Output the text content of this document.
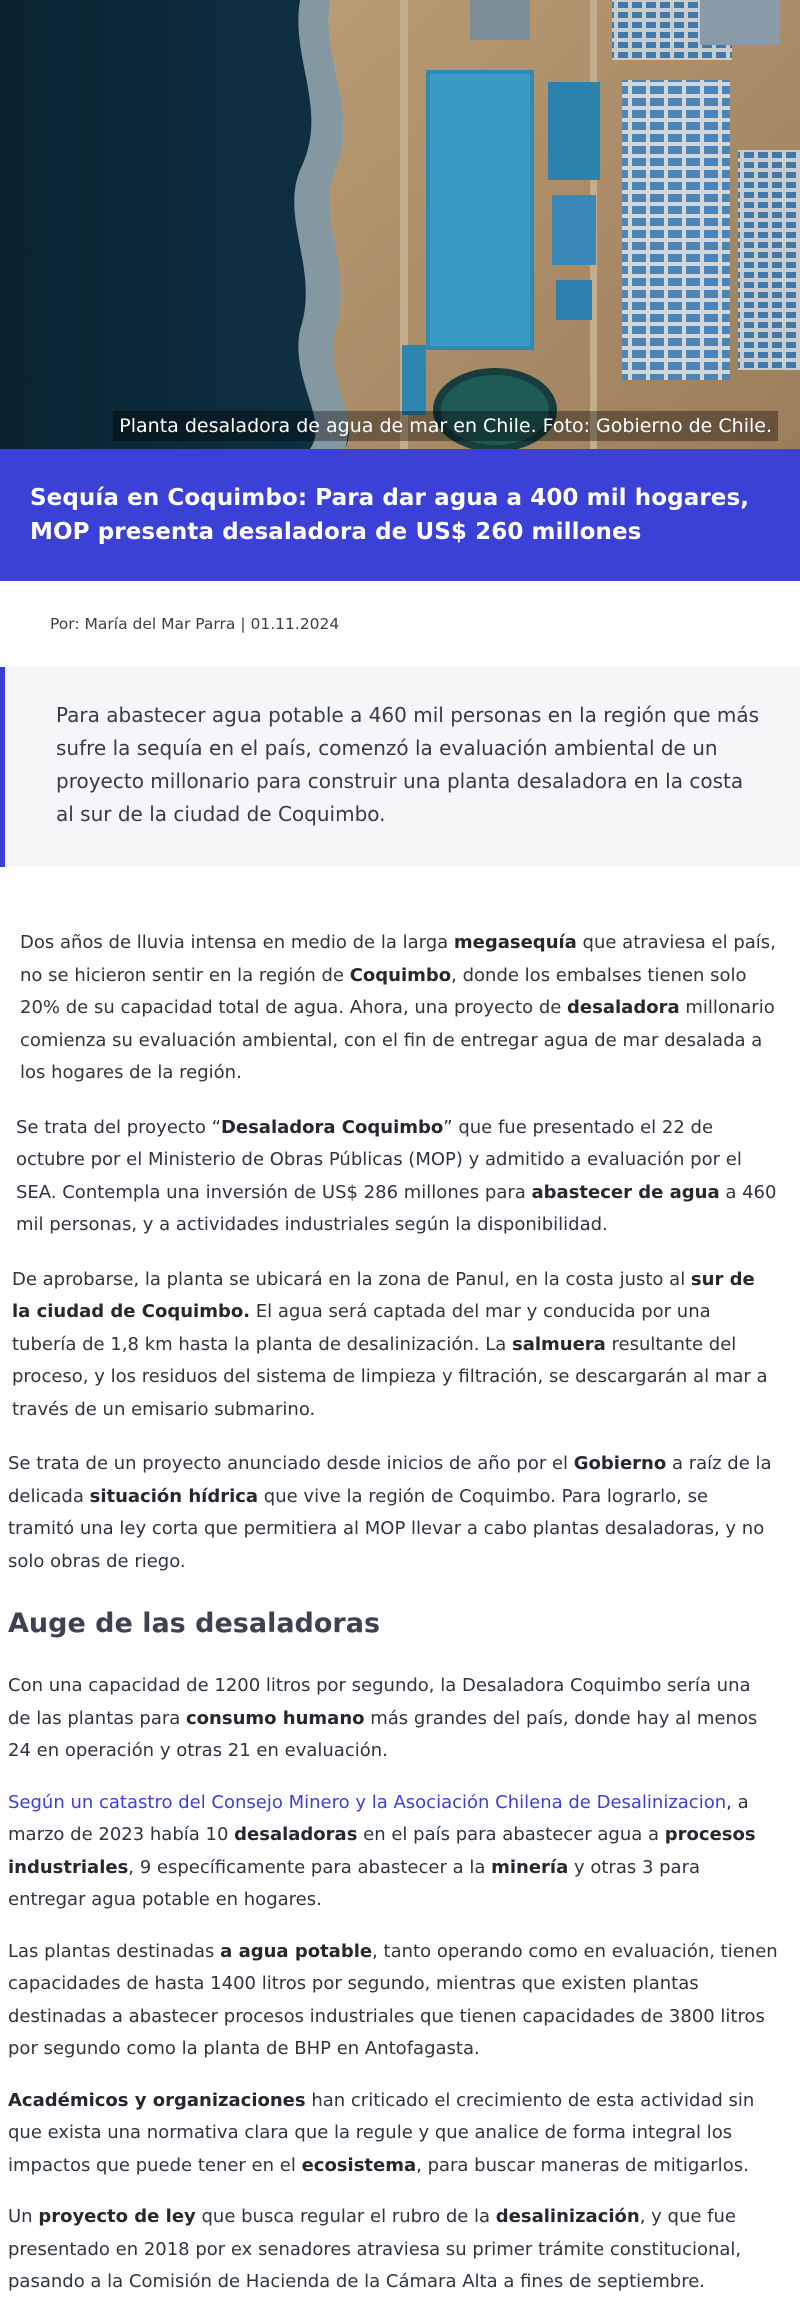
Planta desaladora de agua de mar en Chile. Foto: Gobierno de Chile.
Sequía en Coquimbo: Para dar agua a 400 mil hogares, MOP presenta desaladora de US$ 260 millones
Por: María del Mar Parra | 01.11.2024

Para abastecer agua potable a 460 mil personas en la región que más sufre la sequía en el país, comenzó la evaluación ambiental de un proyecto millonario para construir una planta desaladora en la costa al sur de la ciudad de Coquimbo.

Dos años de lluvia intensa en medio de la larga megasequía que atraviesa el país, no se hicieron sentir en la región de Coquimbo, donde los embalses tienen solo 20% de su capacidad total de agua. Ahora, una proyecto de desaladora millonario comienza su evaluación ambiental, con el fin de entregar agua de mar desalada a los hogares de la región.

Se trata del proyecto “Desaladora Coquimbo” que fue presentado el 22 de octubre por el Ministerio de Obras Públicas (MOP) y admitido a evaluación por el SEA. Contempla una inversión de US$ 286 millones para abastecer de agua a 460 mil personas, y a actividades industriales según la disponibilidad.

De aprobarse, la planta se ubicará en la zona de Panul, en la costa justo al sur de la ciudad de Coquimbo. El agua será captada del mar y conducida por una tubería de 1,8 km hasta la planta de desalinización. La salmuera resultante del proceso, y los residuos del sistema de limpieza y filtración, se descargarán al mar a través de un emisario submarino.

Se trata de un proyecto anunciado desde inicios de año por el Gobierno a raíz de la delicada situación hídrica que vive la región de Coquimbo. Para lograrlo, se tramitó una ley corta que permitiera al MOP llevar a cabo plantas desaladoras, y no solo obras de riego.

Auge de las desaladoras

Con una capacidad de 1200 litros por segundo, la Desaladora Coquimbo sería una de las plantas para consumo humano más grandes del país, donde hay al menos 24 en operación y otras 21 en evaluación.

Según un catastro del Consejo Minero y la Asociación Chilena de Desalinizacion, a marzo de 2023 había 10 desaladoras en el país para abastecer agua a procesos industriales, 9 específicamente para abastecer a la minería y otras 3 para entregar agua potable en hogares.

Las plantas destinadas a agua potable, tanto operando como en evaluación, tienen capacidades de hasta 1400 litros por segundo, mientras que existen plantas destinadas a abastecer procesos industriales que tienen capacidades de 3800 litros por segundo como la planta de BHP en Antofagasta.

Académicos y organizaciones han criticado el crecimiento de esta actividad sin que exista una normativa clara que la regule y que analice de forma integral los impactos que puede tener en el ecosistema, para buscar maneras de mitigarlos.

Un proyecto de ley que busca regular el rubro de la desalinización, y que fue presentado en 2018 por ex senadores atraviesa su primer trámite constitucional, pasando a la Comisión de Hacienda de la Cámara Alta a fines de septiembre.
